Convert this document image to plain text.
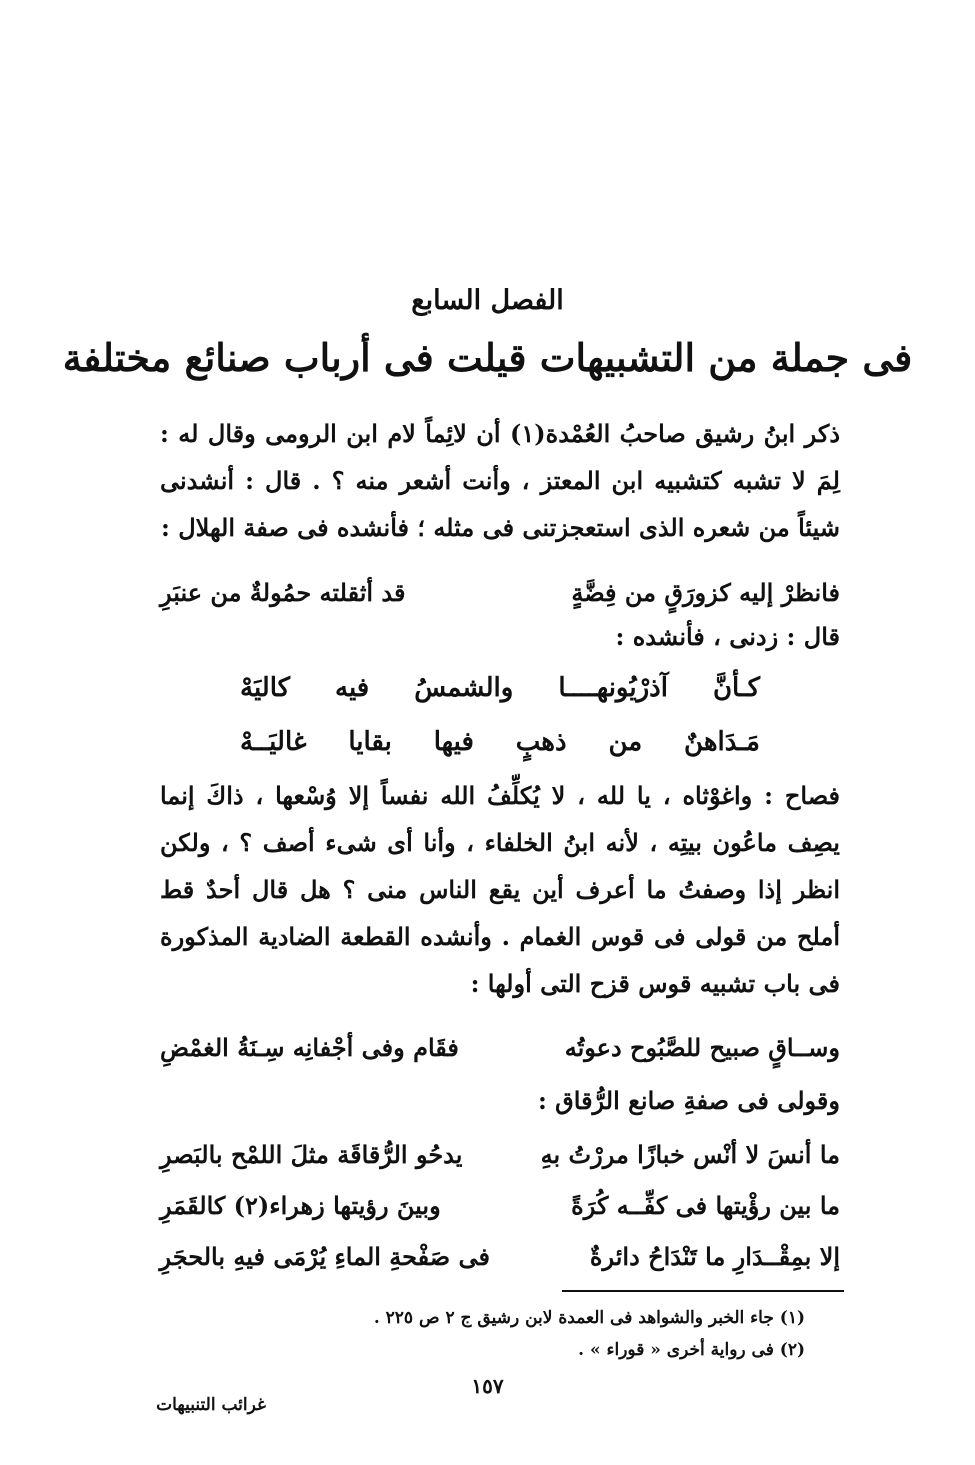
الفصل السابع
فى جملة من التشبيهات قيلت فى أرباب صنائع مختلفة
ذكر ابنُ رشيق صاحبُ العُمْدة(١) أن لائِماً لام ابن الرومى وقال له : لِمَ لا تشبه كتشبيه ابن المعتز ، وأنت أشعر منه ؟ . قال : أنشدنى شيئاً من شعره الذى استعجزتنى فى مثله ؛ فأنشده فى صفة الهلال :
فانظرْ إليه كزورَقٍ من فِضَّةٍ
قد أثقلته حمُولةٌ من عنبَرِ
قال : زدنى ، فأنشده :
كـأنَّ
آذرْيُونهــــا
والشمسُ
فيه
كاليَهْ
مَـدَاهنٌ
من
ذهبٍ
فيها
بقايا
غاليَــهْ
فصاح : واغوْثاه ، يا لله ، لا يُكلِّفُ الله نفساً إلا وُسْعها ، ذاكَ إنما يصِف ماعُون بيتِه ، لأنه ابنُ الخلفاء ، وأنا أى شىء أصف ؟ ، ولكن انظر إذا وصفتُ ما أعرف أين يقع الناس منى ؟ هل قال أحدٌ قط أملح من قولى فى قوس الغمام . وأنشده القطعة الضادية المذكورة فى باب تشبيه قوس قزح التى أولها :
وســاقٍ صبيح للصَّبُوح دعوتُه
فقَام وفى أجْفانِه سِـنَةُ الغمْضِ
وقولى فى صفةِ صانع الرُّقاق :
ما أنسَ لا أنْس خبازًا مررْتُ بهِ
يدحُو الرُّقاقَة مثلَ اللمْح بالبَصرِ
ما بين رؤْيتها فى كفِّــه كُرَةً
وبينَ رؤيتها زهراء(٢) كالقَمَرِ
إلا بمِقْــدَارِ ما تَنْدَاحُ دائرةٌ
فى صَفْحةِ الماءِ يُرْمَى فيهِ بالحجَرِ
(١) جاء الخبر والشواهد فى العمدة لابن رشيق ج ٢ ص ٢٢٥ .
(٢) فى رواية أخرى « قوراء » .
١٥٧
غرائب التنبيهات
